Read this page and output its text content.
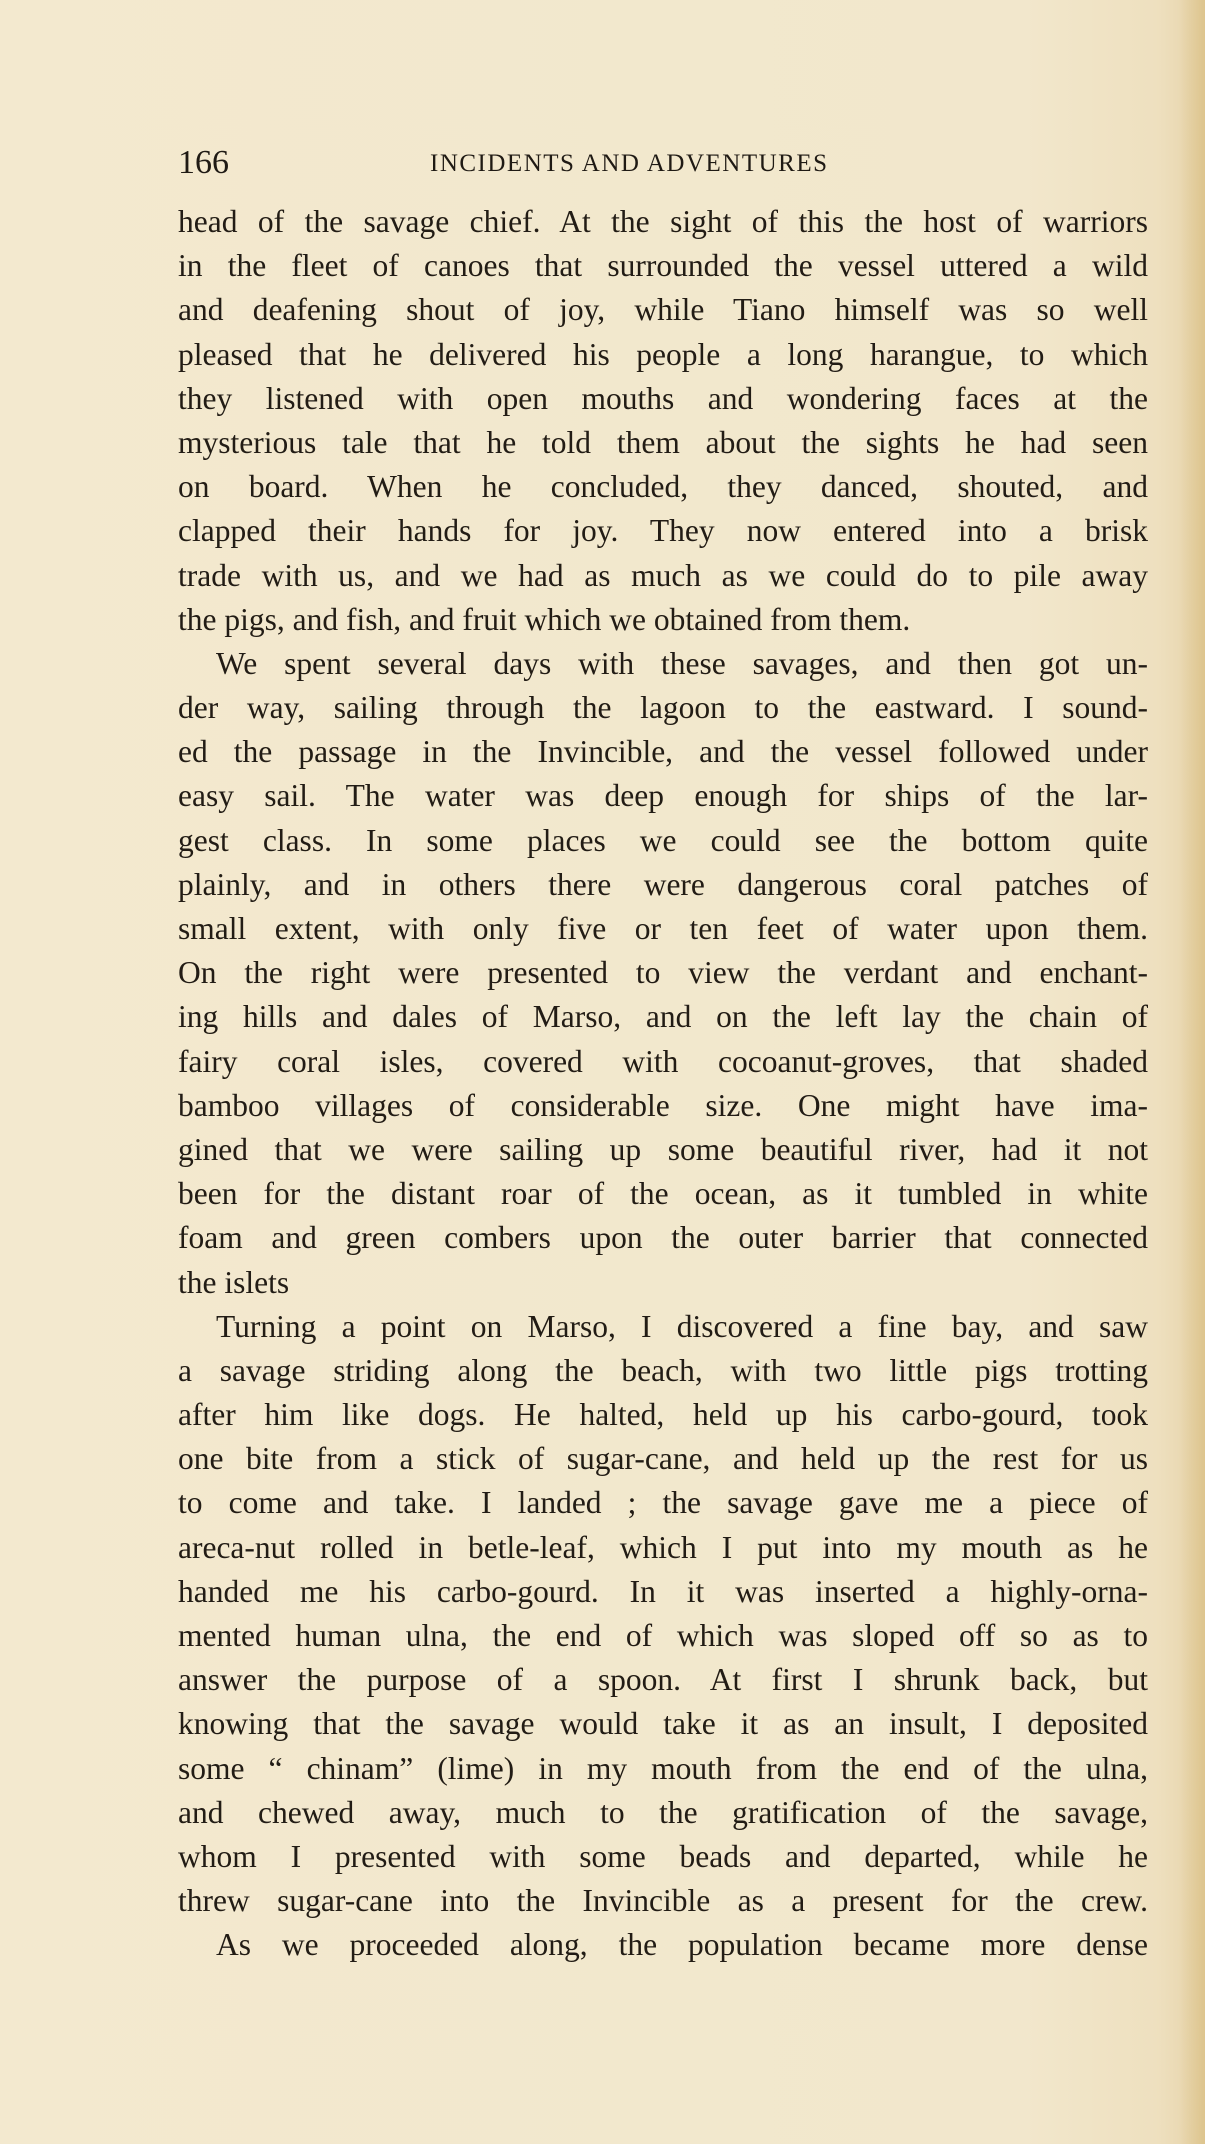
166	INCIDENTS AND ADVENTURES
head of the savage chief. At the sight of this the host of warriors
in the fleet of canoes that surrounded the vessel uttered a wild
and deafening shout of joy, while Tiano himself was so well
pleased that he delivered his people a long harangue, to which
they listened with open mouths and wondering faces at the
mysterious tale that he told them about the sights he had seen
on board. When he concluded, they danced, shouted, and
clapped their hands for joy. They now entered into a brisk
trade with us, and we had as much as we could do to pile away
the pigs, and fish, and fruit which we obtained from them.
We spent several days with these savages, and then got un-
der way, sailing through the lagoon to the eastward. I sound-
ed the passage in the Invincible, and the vessel followed under
easy sail. The water was deep enough for ships of the lar-
gest class. In some places we could see the bottom quite
plainly, and in others there were dangerous coral patches of
small extent, with only five or ten feet of water upon them.
On the right were presented to view the verdant and enchant-
ing hills and dales of Marso, and on the left lay the chain of
fairy coral isles, covered with cocoanut-groves, that shaded
bamboo villages of considerable size. One might have ima-
gined that we were sailing up some beautiful river, had it not
been for the distant roar of the ocean, as it tumbled in white
foam and green combers upon the outer barrier that connected
the islets
Turning a point on Marso, I discovered a fine bay, and saw
a savage striding along the beach, with two little pigs trotting
after him like dogs. He halted, held up his carbo-gourd, took
one bite from a stick of sugar-cane, and held up the rest for us
to come and take. I landed ; the savage gave me a piece of
areca-nut rolled in betle-leaf, which I put into my mouth as he
handed me his carbo-gourd. In it was inserted a highly-orna-
mented human ulna, the end of which was sloped off so as to
answer the purpose of a spoon. At first I shrunk back, but
knowing that the savage would take it as an insult, I deposited
some “ chinam” (lime) in my mouth from the end of the ulna,
and chewed away, much to the gratification of the savage,
whom I presented with some beads and departed, while he
threw sugar-cane into the Invincible as a present for the crew.
As we proceeded along, the population became more dense
